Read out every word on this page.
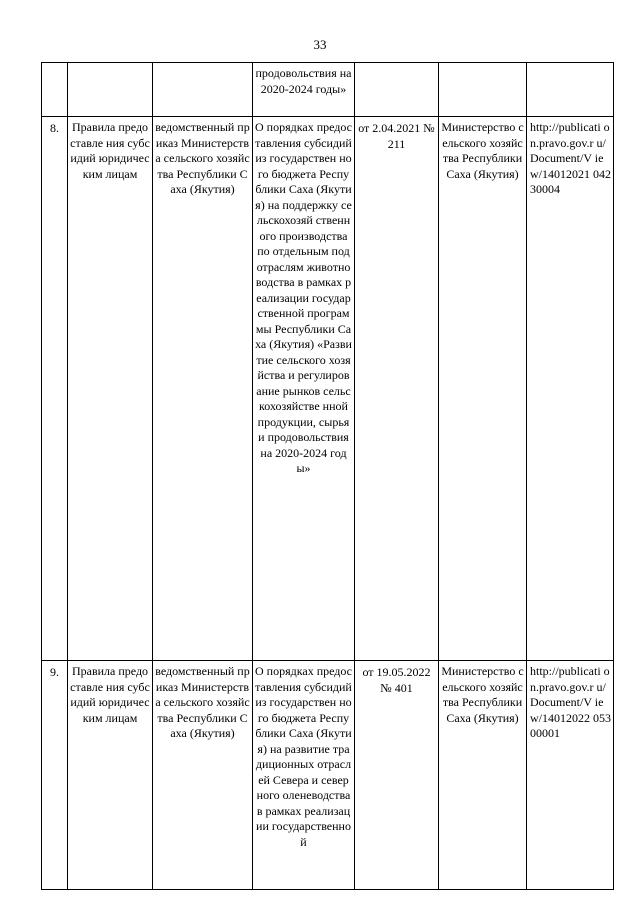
33
			продовольствия на 2020-2024 годы»			
8.	Правила предоставле ния субсидий юридическим лицам	ведомственный приказ Министерства сельского хозяйства Республики Саха (Якутия)	О порядках предоставления субсидий из государствен ного бюджета Республики Саха (Якутия) на поддержку сельскохозяй ственного производства по отдельным подотраслям животноводства в рамках реализации государственной программы Республики Саха (Якутия) «Развитие сельского хозяйства и регулирование рынков сельскохозяйстве нной продукции, сырья и продовольствия на 2020-2024 годы»	от 2.04.2021 № 211	Министерство сельского хозяйства Республики Саха (Якутия)	http://publicati on.pravo.gov.r u/Document/V iew/14012021 04230004
9.	Правила предоставле ния субсидий юридическим лицам	ведомственный приказ Министерства сельского хозяйства Республики Саха (Якутия)	О порядках предоставления субсидий из государствен ного бюджета Республики Саха (Якутия) на развитие традиционных отраслей Севера и северного оленеводства в рамках реализации государственной	от 19.05.2022 № 401	Министерство сельского хозяйства Республики Саха (Якутия)	http://publicati on.pravo.gov.r u/Document/V iew/14012022 05300001
